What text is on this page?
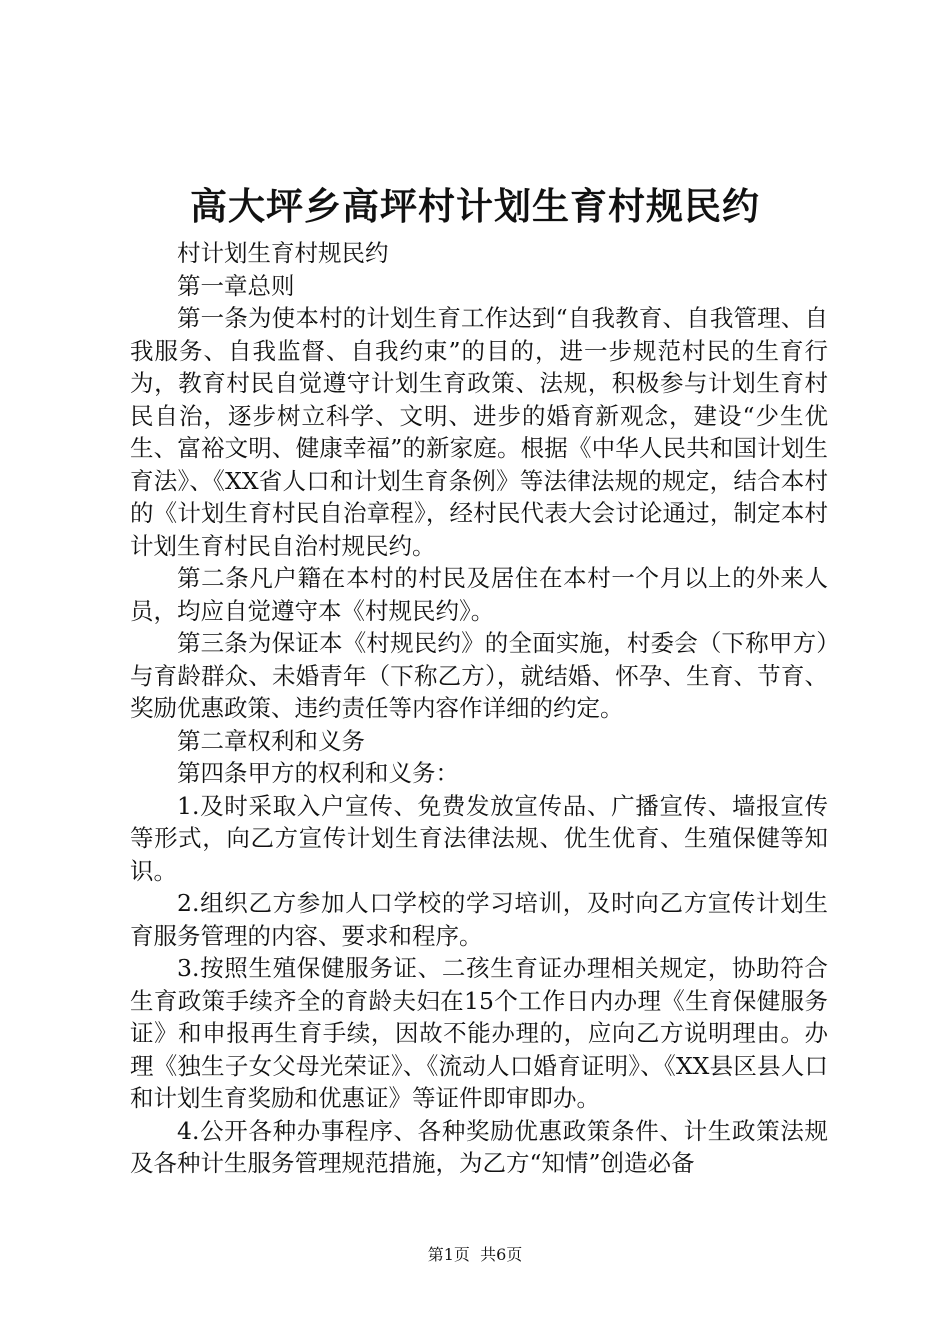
高大坪乡高坪村计划生育村规民约

村计划生育村规民约

第一章总则

第一条为使本村的计划生育工作达到“自我教育、自我管理、自我服务、自我监督、自我约束”的目的，进一步规范村民的生育行为，教育村民自觉遵守计划生育政策、法规，积极参与计划生育村民自治，逐步树立科学、文明、进步的婚育新观念，建设“少生优生、富裕文明、健康幸福”的新家庭。根据《中华人民共和国计划生育法》、《XX省人口和计划生育条例》等法律法规的规定，结合本村的《计划生育村民自治章程》，经村民代表大会讨论通过，制定本村计划生育村民自治村规民约。

第二条凡户籍在本村的村民及居住在本村一个月以上的外来人员，均应自觉遵守本《村规民约》。

第三条为保证本《村规民约》的全面实施，村委会（下称甲方）与育龄群众、未婚青年（下称乙方），就结婚、怀孕、生育、节育、奖励优惠政策、违约责任等内容作详细的约定。

第二章权利和义务

第四条甲方的权利和义务：

1.及时采取入户宣传、免费发放宣传品、广播宣传、墙报宣传等形式，向乙方宣传计划生育法律法规、优生优育、生殖保健等知识。

2.组织乙方参加人口学校的学习培训，及时向乙方宣传计划生育服务管理的内容、要求和程序。

3.按照生殖保健服务证、二孩生育证办理相关规定，协助符合生育政策手续齐全的育龄夫妇在15个工作日内办理《生育保健服务证》和申报再生育手续，因故不能办理的，应向乙方说明理由。办理《独生子女父母光荣证》、《流动人口婚育证明》、《XX县区县人口和计划生育奖励和优惠证》等证件即审即办。

4.公开各种办事程序、各种奖励优惠政策条件、计生政策法规及各种计生服务管理规范措施，为乙方“知情”创造必备

第1页 共6页
